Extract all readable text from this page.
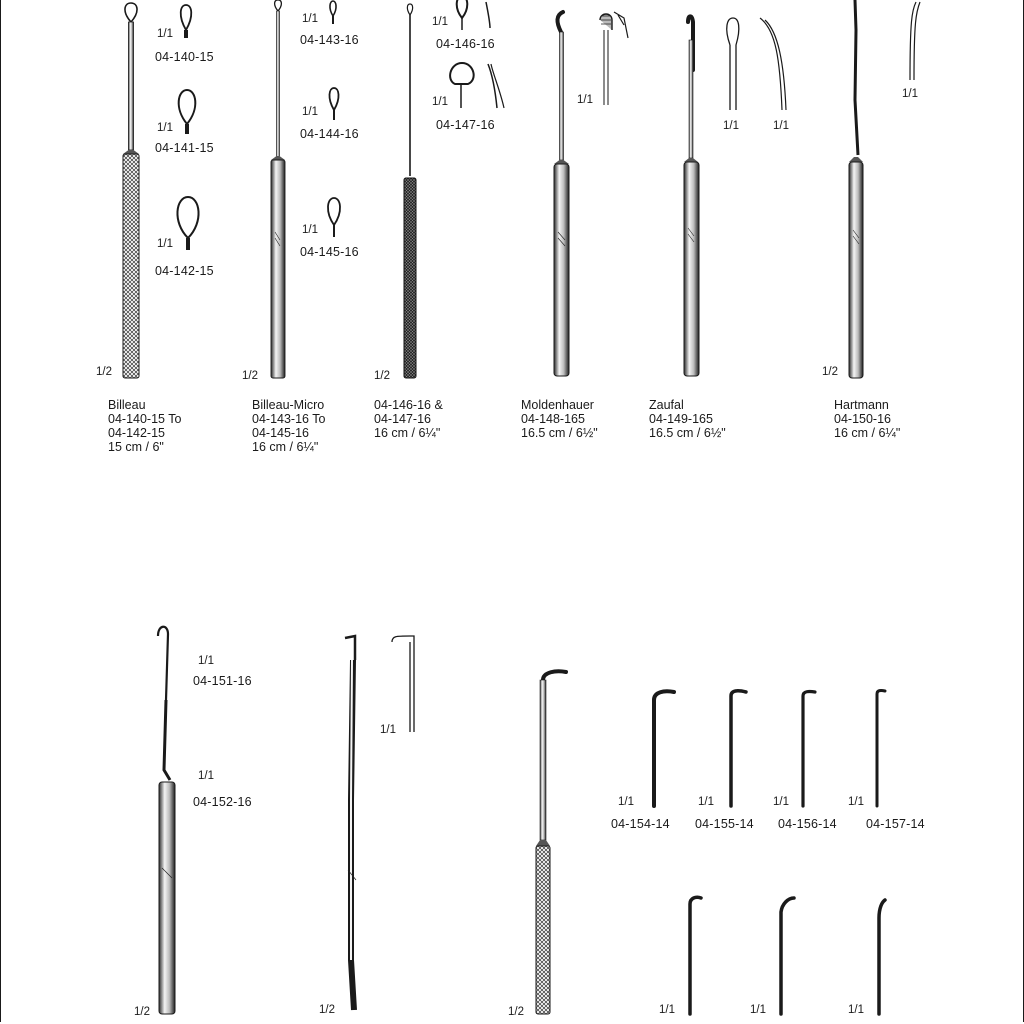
1/2	1/2	1/2	1/2
1/2	1/2	1/2
1/1
1/1
1/1
1/1
1/1
1/1
1/1
1/1	1/1
1/1	1/1
1/1
1/1
1/1
1/1
1/1	1/1	1/1	1/1
1/1	1/1	1/1
04-140-15
04-141-15
04-142-15
04-143-16
04-144-16
04-145-16
04-146-16
04-147-16
04-151-16
04-152-16
04-154-14 04-155-14 04-156-14 04-157-14
Billeau
04-140-15 To
04-142-15
15 cm / 6"
Billeau-Micro
04-143-16 To
04-145-16
16 cm / 6¼"
04-146-16 &
04-147-16
16 cm / 6¼"
Moldenhauer
04-148-165
16.5 cm / 6½"
Zaufal
04-149-165
16.5 cm / 6½"
Hartmann
04-150-16
16 cm / 6¼"
